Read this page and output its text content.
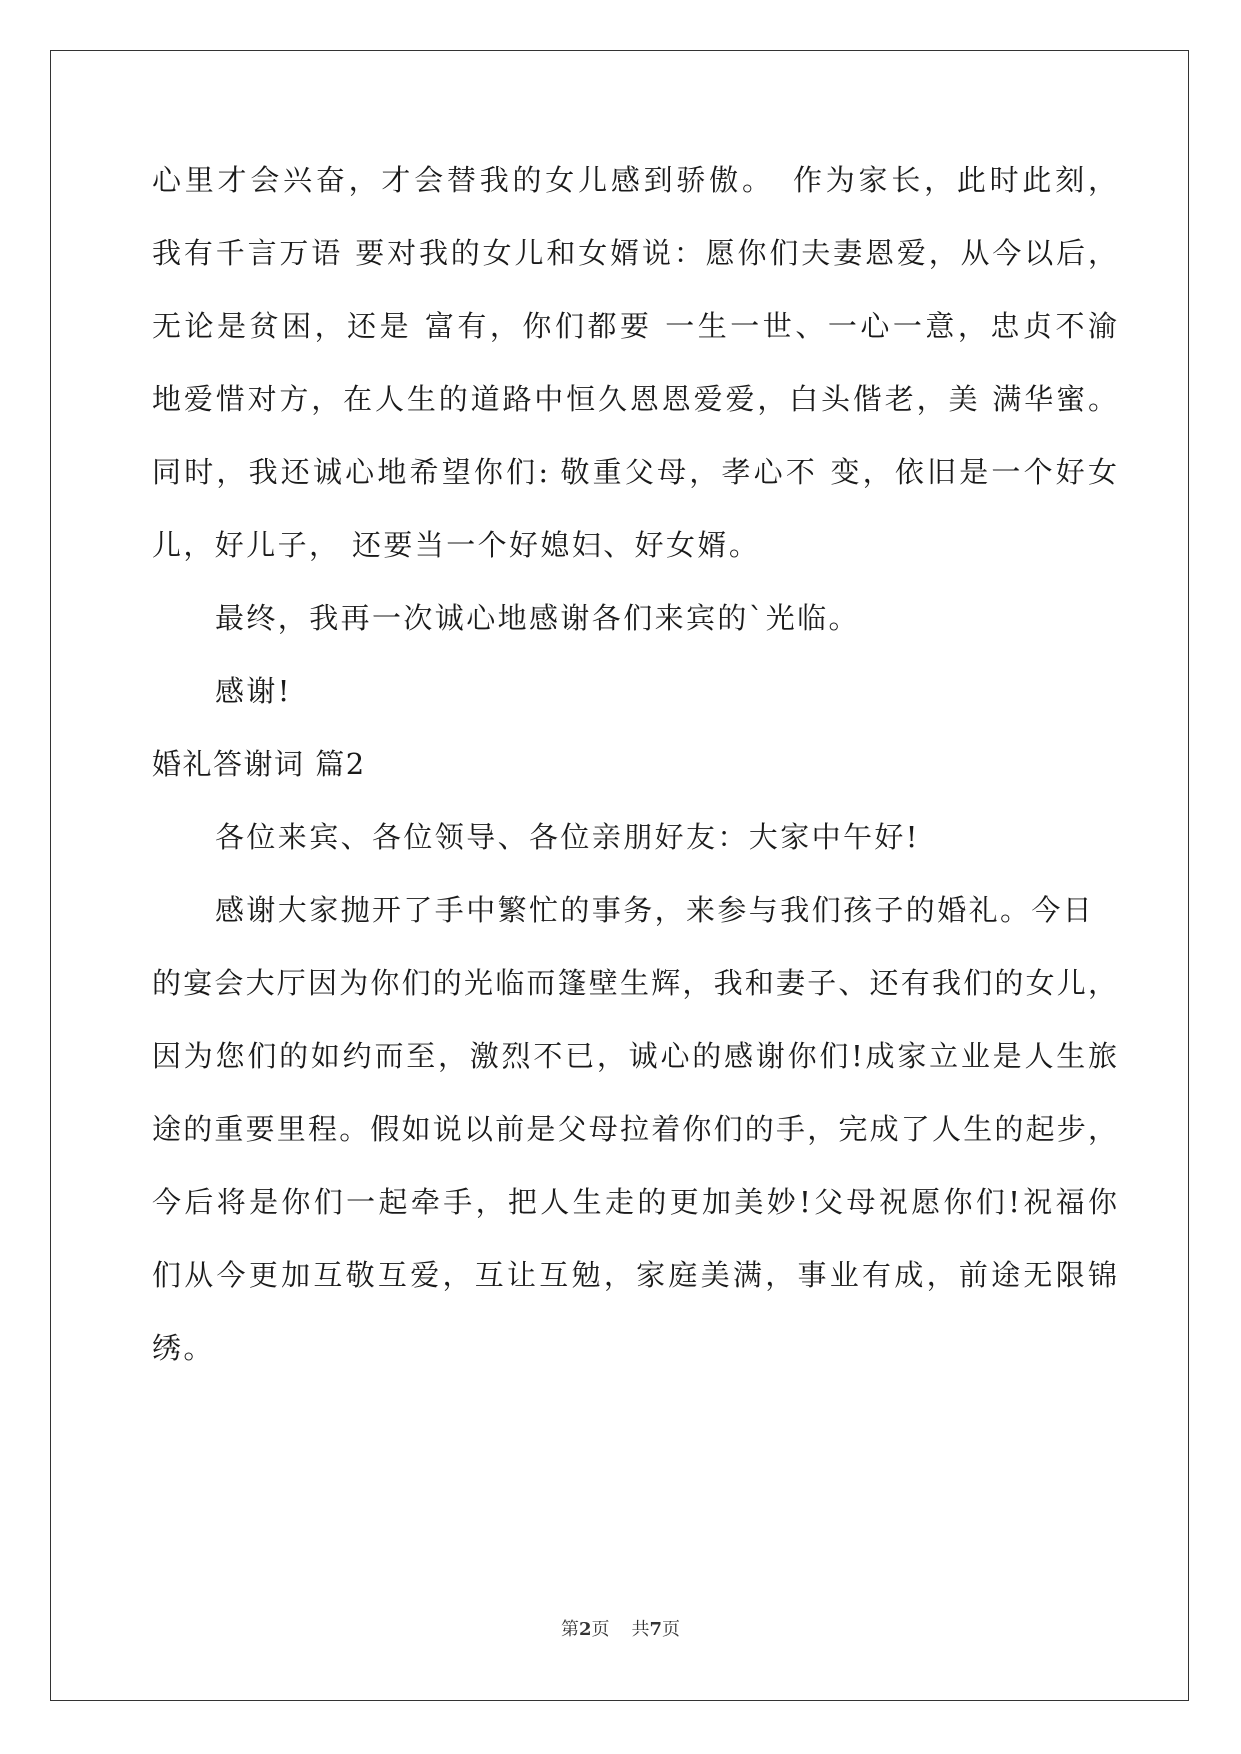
心里才会兴奋，才会替我的女儿感到骄傲。　作为家长，此时此刻，
我有千言万语 要对我的女儿和女婿说：愿你们夫妻恩爱，从今以后，
无论是贫困，还是 富有，你们都要 一生一世、一心一意，忠贞不渝
地爱惜对方，在人生的道路中恒久恩恩爱爱，白头偕老，美 满华蜜。
同时，我还诚心地希望你们: 敬重父母，孝心不 变，依旧是一个好女
儿，好儿子， 还要当一个好媳妇、好女婿。
最终，我再一次诚心地感谢各们来宾的`光临。
感谢!
婚礼答谢词 篇2
各位来宾、各位领导、各位亲朋好友：大家中午好!
感谢大家抛开了手中繁忙的事务，来参与我们孩子的婚礼。今日
的宴会大厅因为你们的光临而篷壁生辉，我和妻子、还有我们的女儿，
因为您们的如约而至，激烈不已，诚心的感谢你们!成家立业是人生旅
途的重要里程。假如说以前是父母拉着你们的手，完成了人生的起步，
今后将是你们一起牵手，把人生走的更加美妙!父母祝愿你们!祝福你
们从今更加互敬互爱，互让互勉，家庭美满，事业有成，前途无限锦
绣。
第2页 共7页
